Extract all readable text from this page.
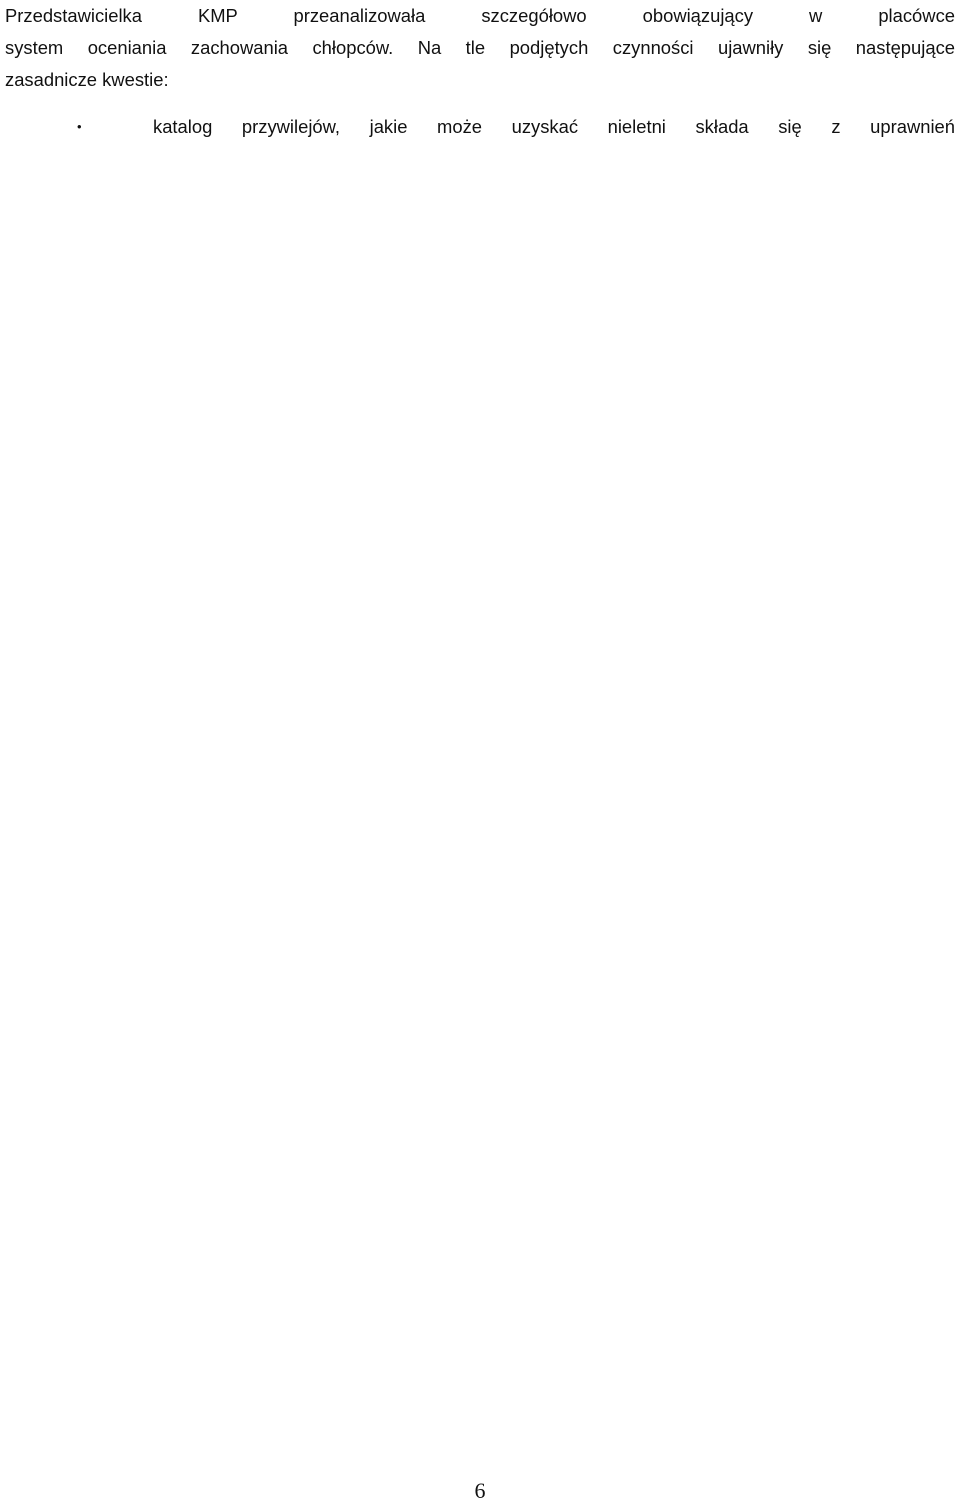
Przedstawicielka KMP przeanalizowała szczegółowo obowiązujący w placówce
system oceniania zachowania chłopców. Na tle podjętych czynności ujawniły się następujące
zasadnicze kwestie:

•	katalog przywilejów, jakie może uzyskać nieletni składa się z uprawnień
6
